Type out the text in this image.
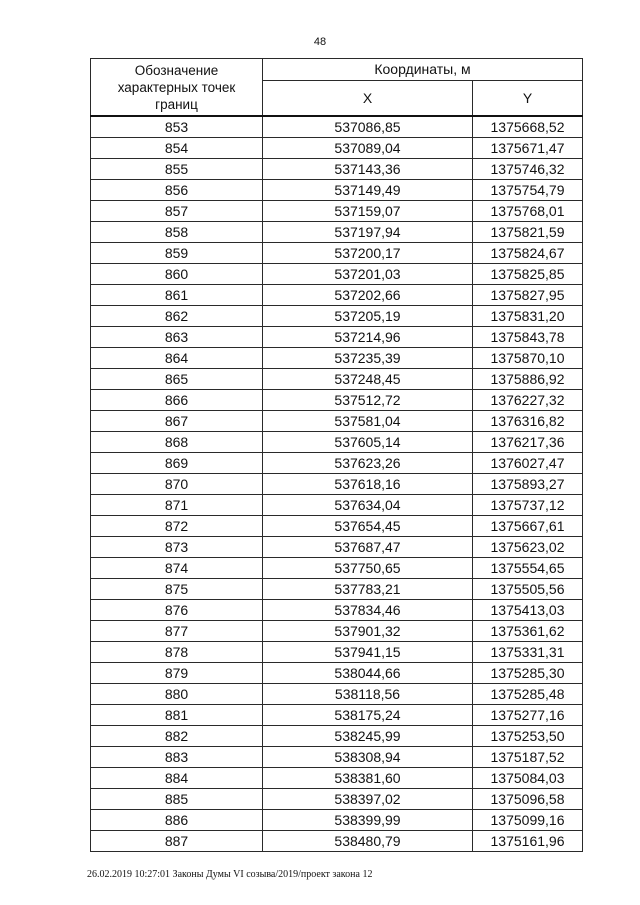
48
Обозначение характерных точек границ	Координаты, м	
	X	Y
853	537086,85	1375668,52
854	537089,04	1375671,47
855	537143,36	1375746,32
856	537149,49	1375754,79
857	537159,07	1375768,01
858	537197,94	1375821,59
859	537200,17	1375824,67
860	537201,03	1375825,85
861	537202,66	1375827,95
862	537205,19	1375831,20
863	537214,96	1375843,78
864	537235,39	1375870,10
865	537248,45	1375886,92
866	537512,72	1376227,32
867	537581,04	1376316,82
868	537605,14	1376217,36
869	537623,26	1376027,47
870	537618,16	1375893,27
871	537634,04	1375737,12
872	537654,45	1375667,61
873	537687,47	1375623,02
874	537750,65	1375554,65
875	537783,21	1375505,56
876	537834,46	1375413,03
877	537901,32	1375361,62
878	537941,15	1375331,31
879	538044,66	1375285,30
880	538118,56	1375285,48
881	538175,24	1375277,16
882	538245,99	1375253,50
883	538308,94	1375187,52
884	538381,60	1375084,03
885	538397,02	1375096,58
886	538399,99	1375099,16
887	538480,79	1375161,96
26.02.2019 10:27:01 Законы Думы VI созыва/2019/проект закона 12
